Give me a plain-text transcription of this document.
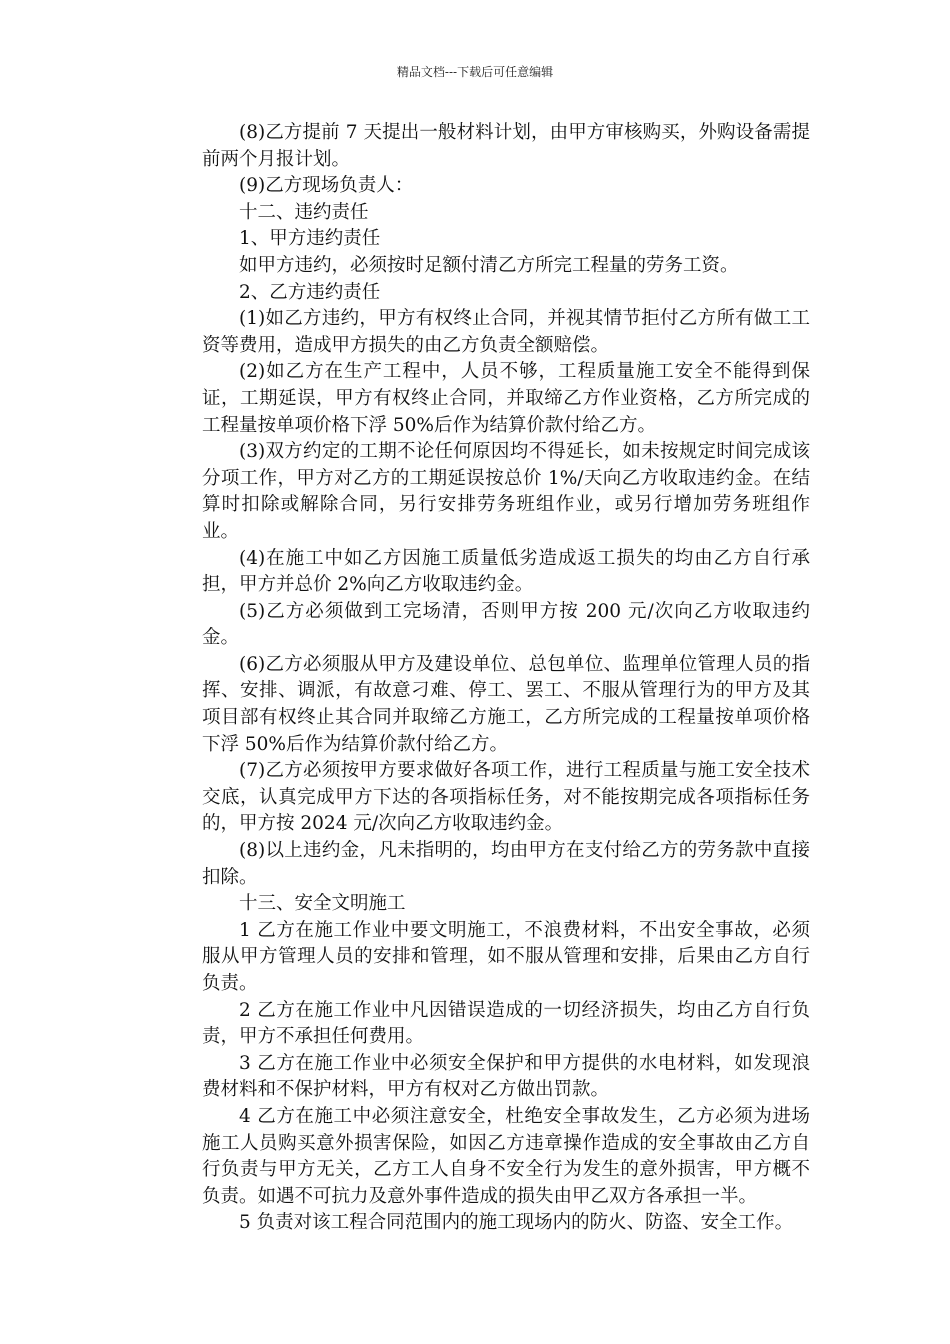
精品文档---下载后可任意编辑

(8)乙方提前 7 天提出一般材料计划，由甲方审核购买，外购设备需提前两个月报计划。

(9)乙方现场负责人：

十二、违约责任

1、甲方违约责任

如甲方违约，必须按时足额付清乙方所完工程量的劳务工资。

2、乙方违约责任

(1)如乙方违约，甲方有权终止合同，并视其情节拒付乙方所有做工工资等费用，造成甲方损失的由乙方负责全额赔偿。

(2)如乙方在生产工程中，人员不够，工程质量施工安全不能得到保证，工期延误，甲方有权终止合同，并取缔乙方作业资格，乙方所完成的工程量按单项价格下浮 50%后作为结算价款付给乙方。

(3)双方约定的工期不论任何原因均不得延长，如未按规定时间完成该分项工作，甲方对乙方的工期延误按总价 1%/天向乙方收取违约金。在结算时扣除或解除合同，另行安排劳务班组作业，或另行增加劳务班组作业。

(4)在施工中如乙方因施工质量低劣造成返工损失的均由乙方自行承担，甲方并总价 2%向乙方收取违约金。

(5)乙方必须做到工完场清，否则甲方按 200 元/次向乙方收取违约金。

(6)乙方必须服从甲方及建设单位、总包单位、监理单位管理人员的指挥、安排、调派，有故意刁难、停工、罢工、不服从管理行为的甲方及其项目部有权终止其合同并取缔乙方施工，乙方所完成的工程量按单项价格下浮 50%后作为结算价款付给乙方。

(7)乙方必须按甲方要求做好各项工作，进行工程质量与施工安全技术交底，认真完成甲方下达的各项指标任务，对不能按期完成各项指标任务的，甲方按 2024 元/次向乙方收取违约金。

(8)以上违约金，凡未指明的，均由甲方在支付给乙方的劳务款中直接扣除。

十三、安全文明施工

1 乙方在施工作业中要文明施工，不浪费材料，不出安全事故，必须服从甲方管理人员的安排和管理，如不服从管理和安排，后果由乙方自行负责。

2 乙方在施工作业中凡因错误造成的一切经济损失，均由乙方自行负责，甲方不承担任何费用。

3 乙方在施工作业中必须安全保护和甲方提供的水电材料，如发现浪费材料和不保护材料，甲方有权对乙方做出罚款。

4 乙方在施工中必须注意安全，杜绝安全事故发生，乙方必须为进场施工人员购买意外损害保险，如因乙方违章操作造成的安全事故由乙方自行负责与甲方无关，乙方工人自身不安全行为发生的意外损害，甲方概不负责。如遇不可抗力及意外事件造成的损失由甲乙双方各承担一半。

5 负责对该工程合同范围内的施工现场内的防火、防盗、安全工作。
